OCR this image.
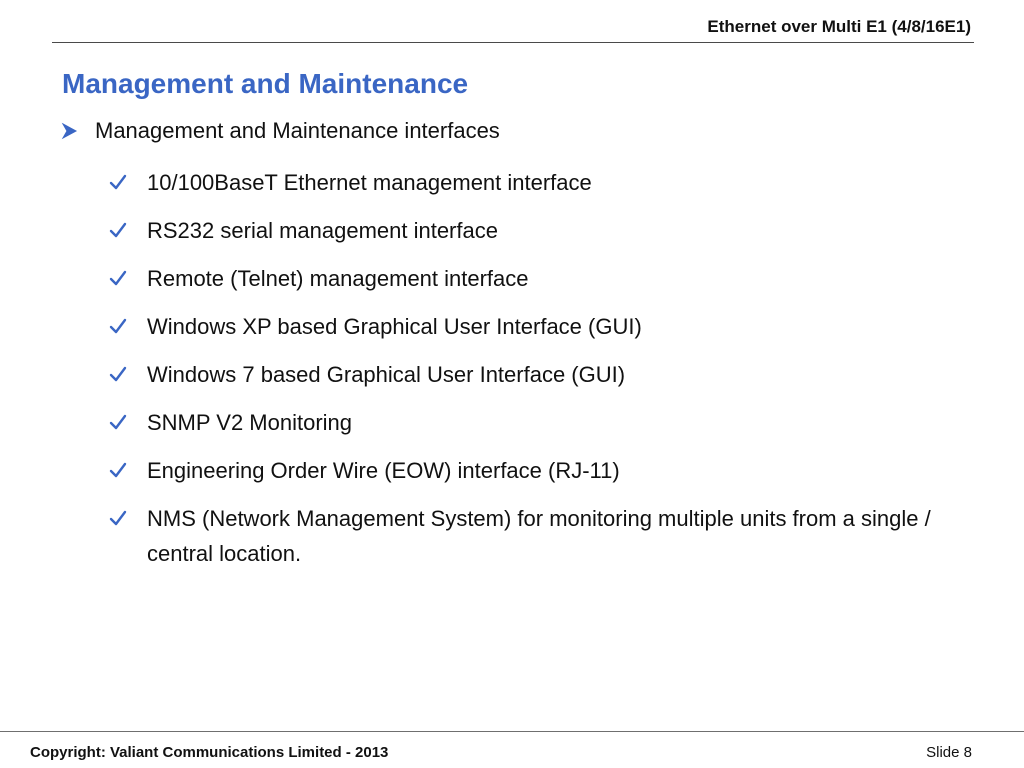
Ethernet over Multi E1 (4/8/16E1)
Management and Maintenance
Management and Maintenance interfaces
10/100BaseT Ethernet management interface
RS232 serial management interface
Remote (Telnet) management interface
Windows XP based Graphical User Interface (GUI)
Windows 7 based Graphical User Interface (GUI)
SNMP V2 Monitoring
Engineering Order Wire (EOW) interface (RJ-11)
NMS (Network Management System) for monitoring multiple units from a single / central location.
Copyright: Valiant Communications Limited - 2013	Slide 8
